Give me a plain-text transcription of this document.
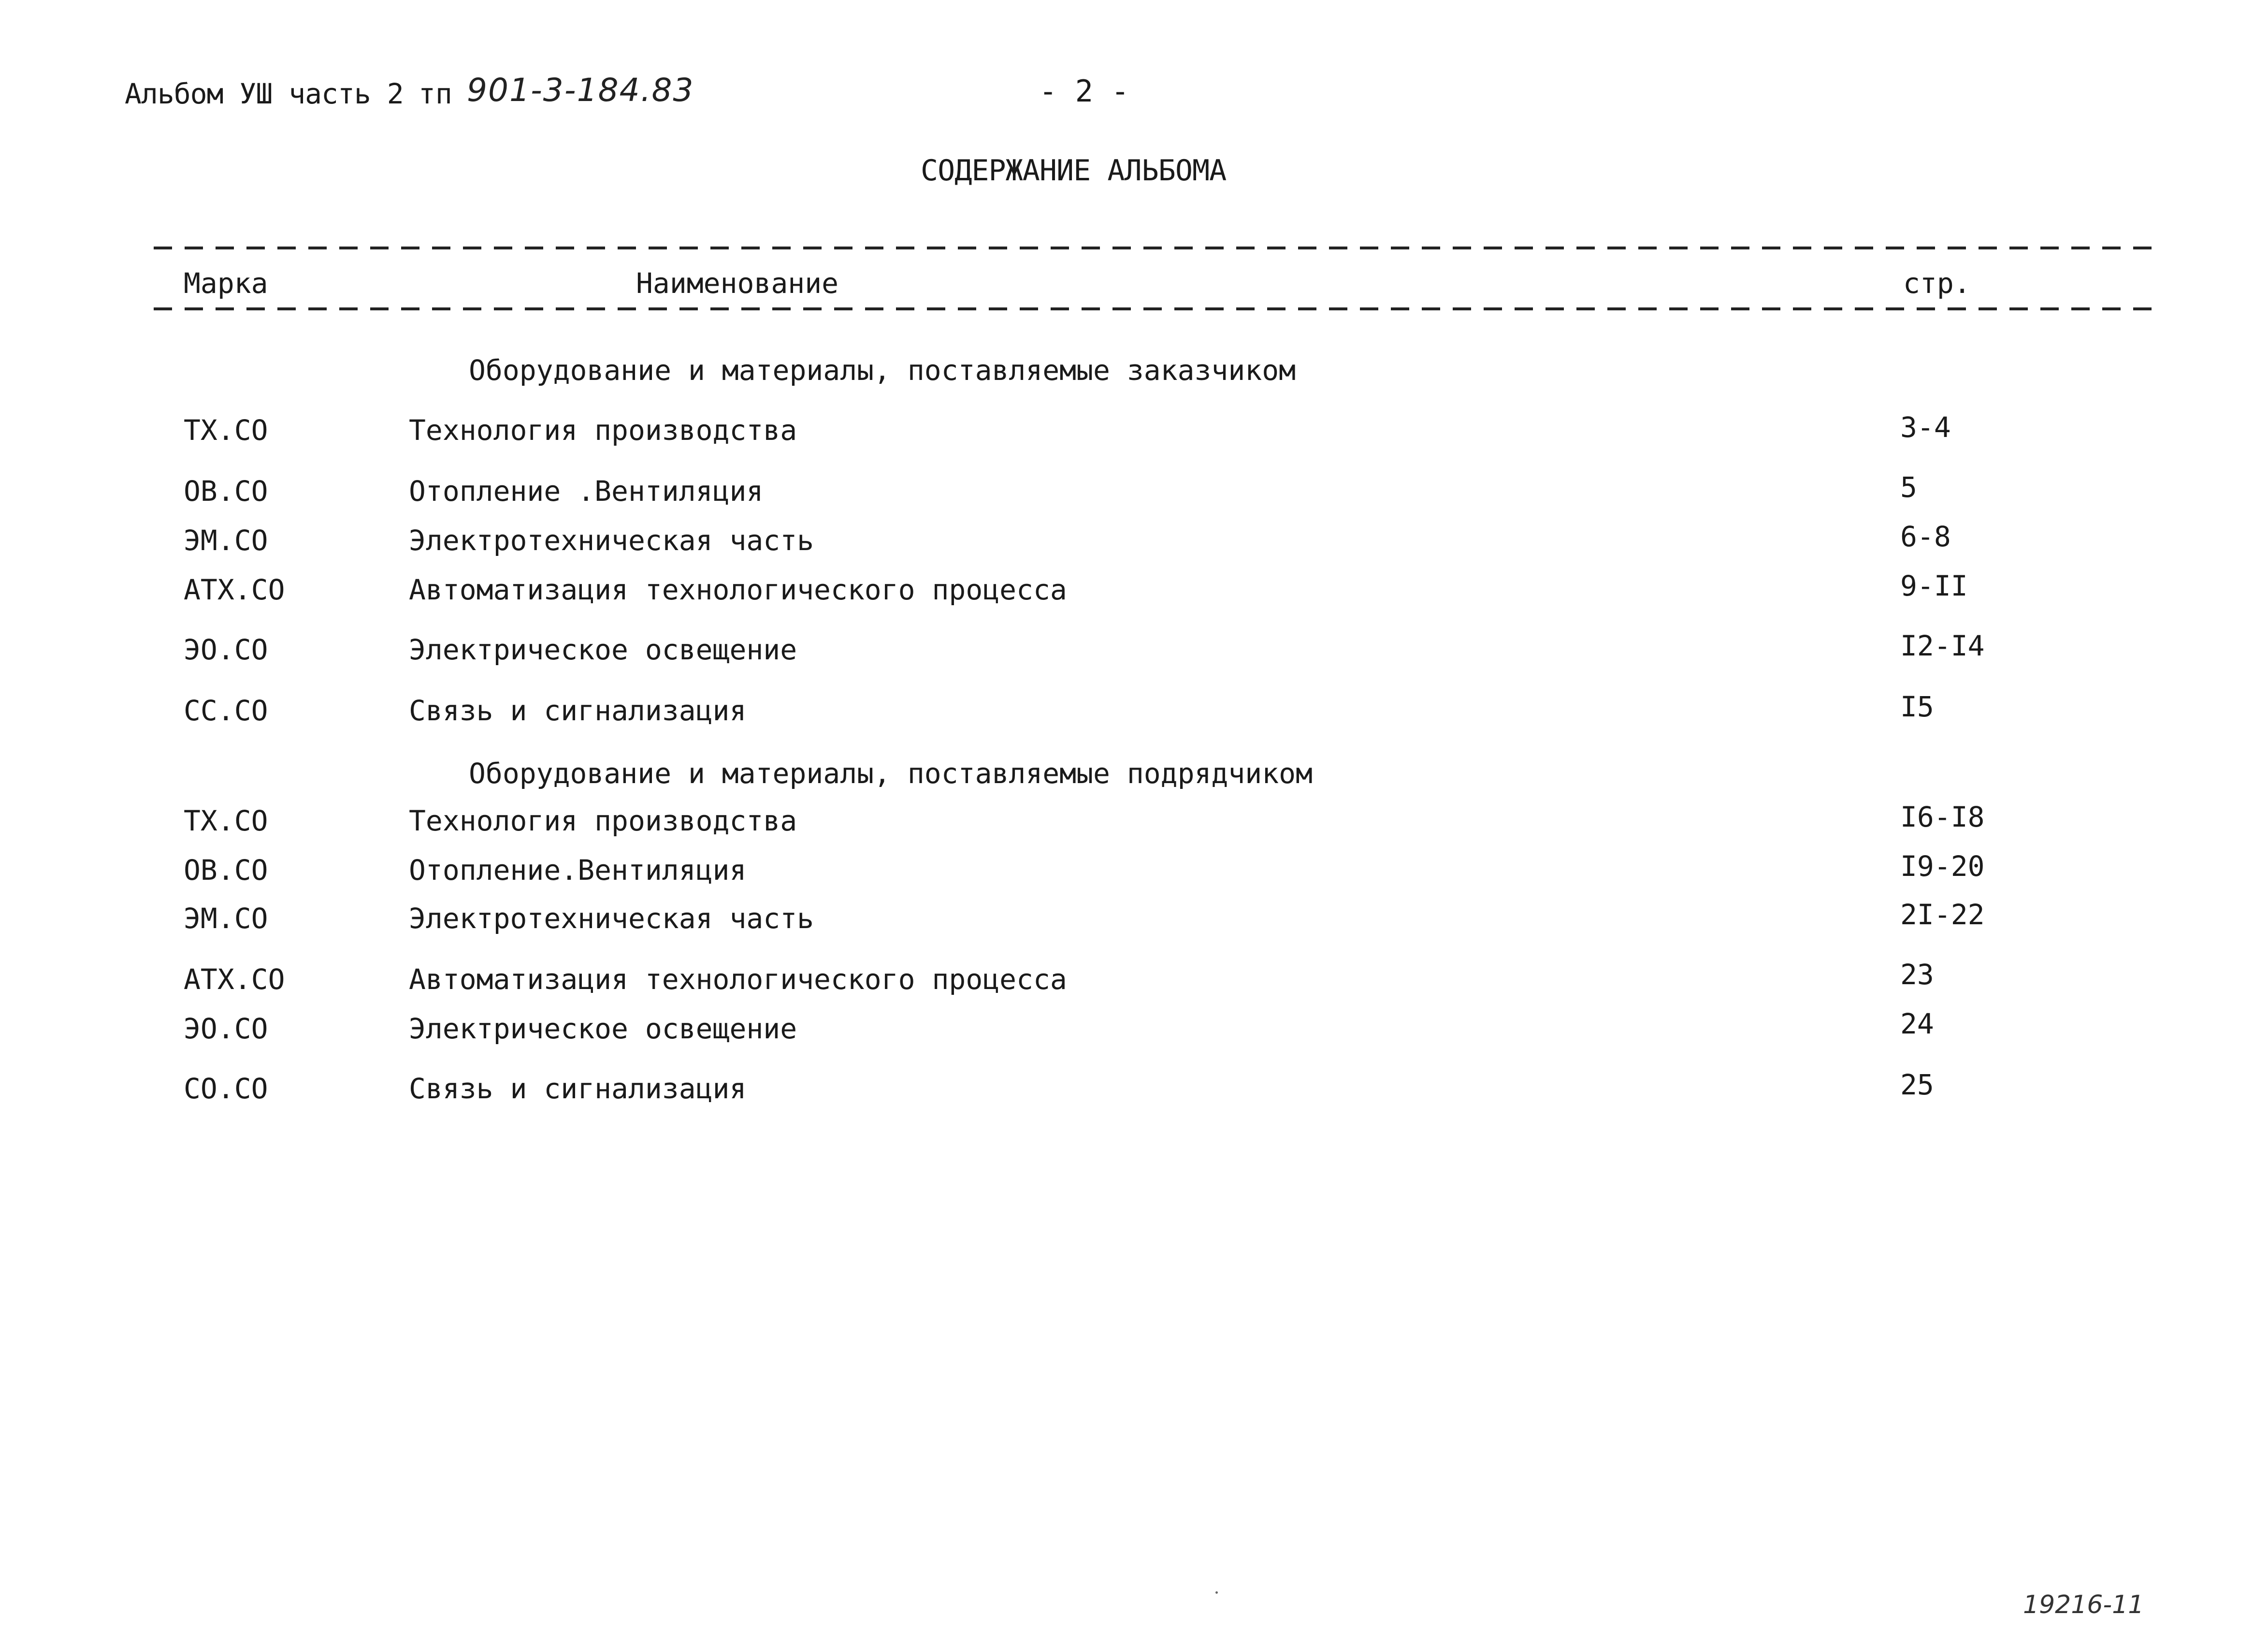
Альбом УШ часть 2 тп 901-3-184.83	- 2 -
СОДЕРЖАНИЕ АЛЬБОМА
Марка	Наименование	стр.
Оборудование и материалы, поставляемые заказчиком
ТХ.СО	Технология производства	3-4
ОВ.СО	Отопление .Вентиляция	5
ЭМ.СО	Электротехническая часть	6-8
АТХ.СО	Автоматизация технологического процесса	9-II
ЭО.СО	Электрическое освещение	I2-I4
СС.СО	Связь и сигнализация	I5
Оборудование и материалы, поставляемые подрядчиком
ТХ.СО	Технология производства	I6-I8
ОВ.СО	Отопление.Вентиляция	I9-20
ЭМ.СО	Электротехническая часть	2I-22
АТХ.СО	Автоматизация технологического процесса	23
ЭО.СО	Электрическое освещение	24
СО.СО	Связь и сигнализация	25
19216-11
